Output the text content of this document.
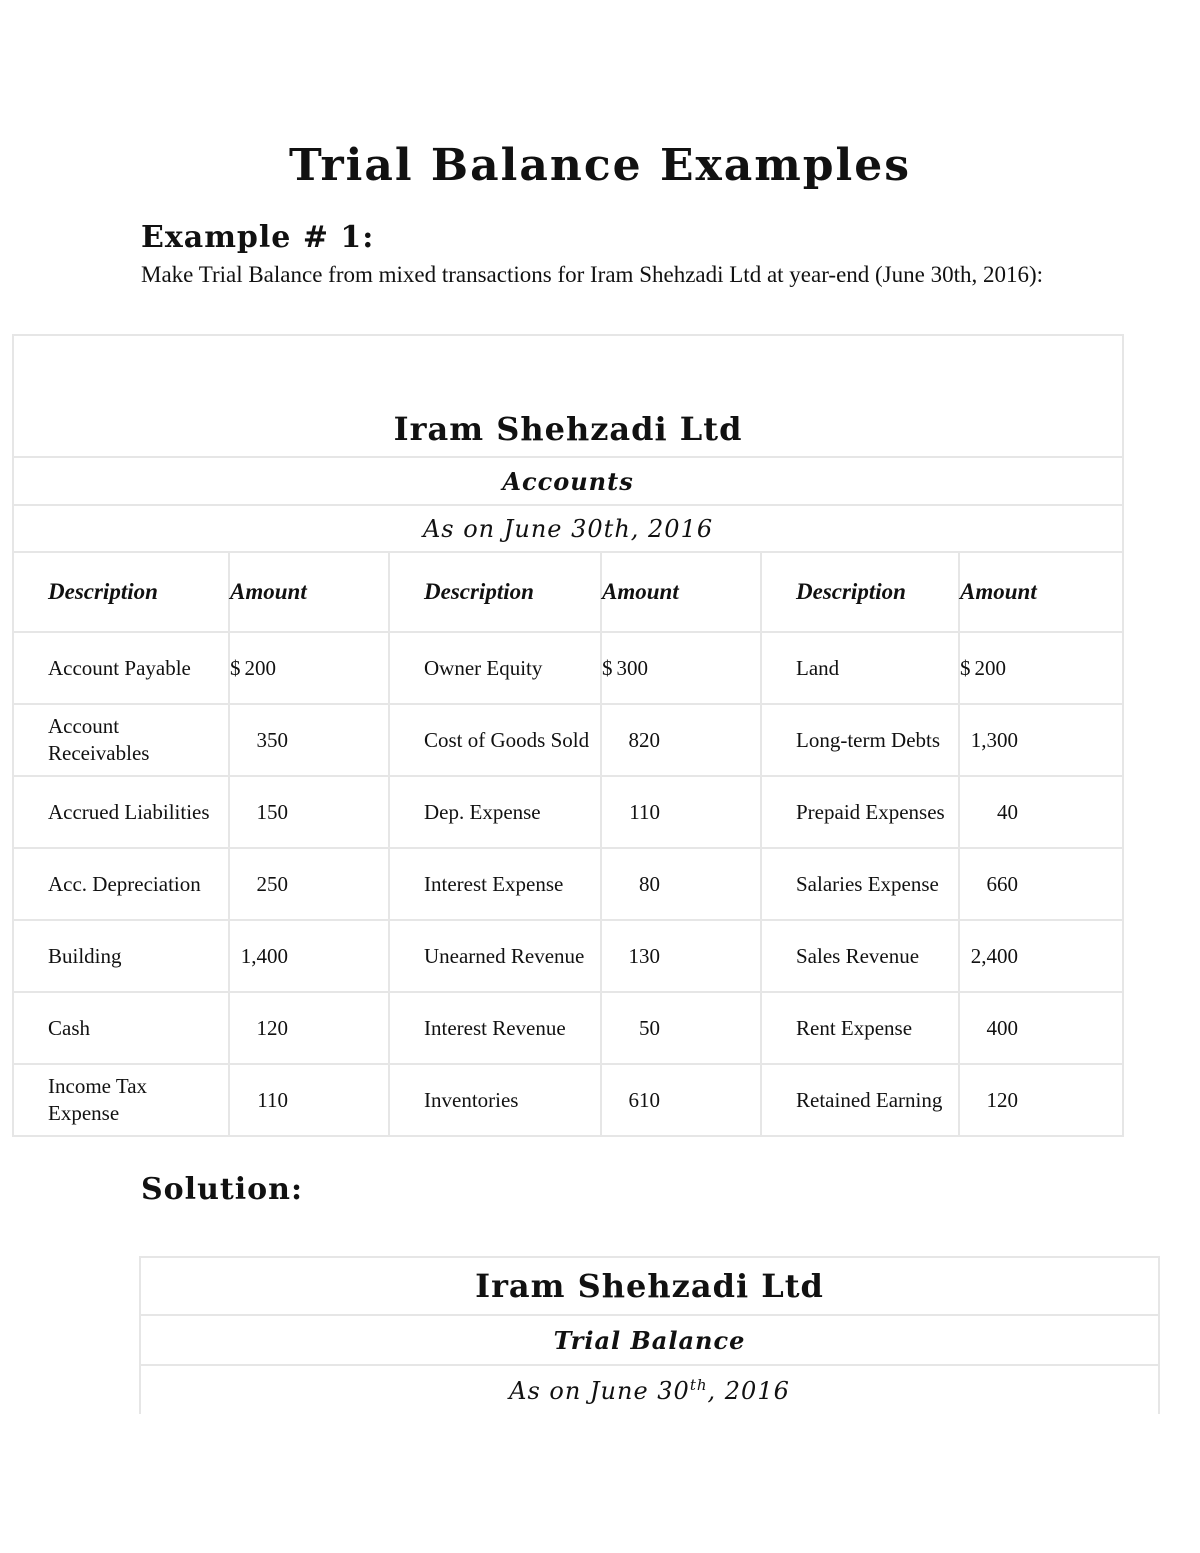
Trial Balance Examples
Example # 1:

Make Trial Balance from mixed transactions for Iram Shehzadi Ltd at year-end (June 30th, 2016):

Iram Shehzadi Ltd					
Accounts					
As on June 30th, 2016					
Description	Amount	Description	Amount	Description	Amount

Account Payable	$ 200	Owner Equity	$ 300	Land	$ 200
Account Receivables	350	Cost of Goods Sold	820	Long-term Debts	1,300
Accrued Liabilities	150	Dep. Expense	110	Prepaid Expenses	40
Acc. Depreciation	250	Interest Expense	80	Salaries Expense	660
Building	1,400	Unearned Revenue	130	Sales Revenue	2,400
Cash	120	Interest Revenue	50	Rent Expense	400
Income Tax Expense	110	Inventories	610	Retained Earning	120
Solution:
Iram Shehzadi Ltd
Trial Balance
As on June 30th, 2016
